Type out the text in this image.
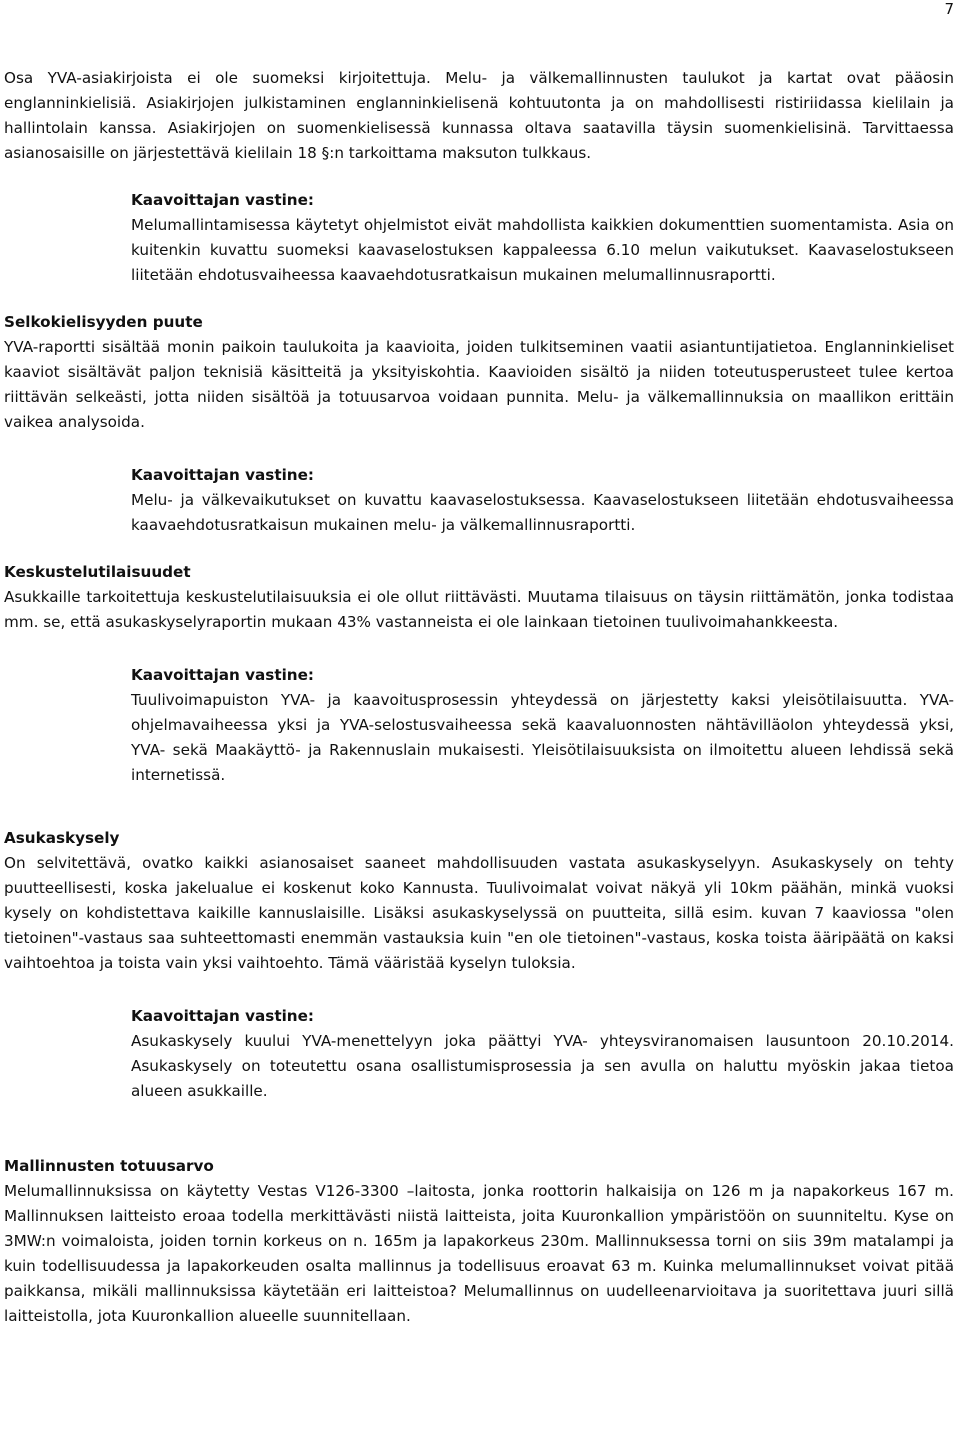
7

Osa YVA-asiakirjoista ei ole suomeksi kirjoitettuja. Melu- ja välkemallinnusten taulukot ja kartat ovat pääosin englanninkielisiä. Asiakirjojen julkistaminen englanninkielisenä kohtuutonta ja on mahdollisesti ristiriidassa kielilain ja hallintolain kanssa. Asiakirjojen on suomenkielisessä kunnassa oltava saatavilla täysin suomenkielisinä. Tarvittaessa asianosaisille on järjestettävä kielilain 18 §:n tarkoittama maksuton tulkkaus.

Kaavoittajan vastine:

Melumallintamisessa käytetyt ohjelmistot eivät mahdollista kaikkien dokumenttien suomentamista. Asia on kuitenkin kuvattu suomeksi kaavaselostuksen kappaleessa 6.10 melun vaikutukset. Kaavaselostukseen liitetään ehdotusvaiheessa kaavaehdotusratkaisun mukainen melumallinnusraportti.

Selkokielisyyden puute

YVA-raportti sisältää monin paikoin taulukoita ja kaavioita, joiden tulkitseminen vaatii asiantuntijatietoa. Englanninkieliset kaaviot sisältävät paljon teknisiä käsitteitä ja yksityiskohtia. Kaavioiden sisältö ja niiden toteutusperusteet tulee kertoa riittävän selkeästi, jotta niiden sisältöä ja totuusarvoa voidaan punnita. Melu- ja välkemallinnuksia on maallikon erittäin vaikea analysoida.

Kaavoittajan vastine:

Melu- ja välkevaikutukset on kuvattu kaavaselostuksessa. Kaavaselostukseen liitetään ehdotusvaiheessa kaavaehdotusratkaisun mukainen melu- ja välkemallinnusraportti.

Keskustelutilaisuudet

Asukkaille tarkoitettuja keskustelutilaisuuksia ei ole ollut riittävästi. Muutama tilaisuus on täysin riittämätön, jonka todistaa mm. se, että asukaskyselyraportin mukaan 43% vastanneista ei ole lainkaan tietoinen tuulivoimahankkeesta.

Kaavoittajan vastine:

Tuulivoimapuiston YVA- ja kaavoitusprosessin yhteydessä on järjestetty kaksi yleisötilaisuutta. YVA-ohjelmavaiheessa yksi ja YVA-selostusvaiheessa sekä kaavaluonnosten nähtävilläolon yhteydessä yksi, YVA- sekä Maakäyttö- ja Rakennuslain mukaisesti. Yleisötilaisuuksista on ilmoitettu alueen lehdissä sekä internetissä.

Asukaskysely

On selvitettävä, ovatko kaikki asianosaiset saaneet mahdollisuuden vastata asukaskyselyyn. Asukaskysely on tehty puutteellisesti, koska jakelualue ei koskenut koko Kannusta. Tuulivoimalat voivat näkyä yli 10km päähän, minkä vuoksi kysely on kohdistettava kaikille kannuslaisille. Lisäksi asukaskyselyssä on puutteita, sillä esim. kuvan 7 kaaviossa "olen tietoinen"-vastaus saa suhteettomasti enemmän vastauksia kuin "en ole tietoinen"-vastaus, koska toista ääripäätä on kaksi vaihtoehtoa ja toista vain yksi vaihtoehto. Tämä vääristää kyselyn tuloksia.

Kaavoittajan vastine:

Asukaskysely kuului YVA-menettelyyn joka päättyi YVA- yhteysviranomaisen lausuntoon 20.10.2014. Asukaskysely on toteutettu osana osallistumisprosessia ja sen avulla on haluttu myöskin jakaa tietoa alueen asukkaille.

Mallinnusten totuusarvo

Melumallinnuksissa on käytetty Vestas V126-3300 –laitosta, jonka roottorin halkaisija on 126 m ja napakorkeus 167 m. Mallinnuksen laitteisto eroaa todella merkittävästi niistä laitteista, joita Kuuronkallion ympäristöön on suunniteltu. Kyse on 3MW:n voimaloista, joiden tornin korkeus on n. 165m ja lapakorkeus 230m. Mallinnuksessa torni on siis 39m matalampi ja kuin todellisuudessa ja lapakorkeuden osalta mallinnus ja todellisuus eroavat 63 m. Kuinka melumallinnukset voivat pitää paikkansa, mikäli mallinnuksissa käytetään eri laitteistoa? Melumallinnus on uudelleenarvioitava ja suoritettava juuri sillä laitteistolla, jota Kuuronkallion alueelle suunnitellaan.
